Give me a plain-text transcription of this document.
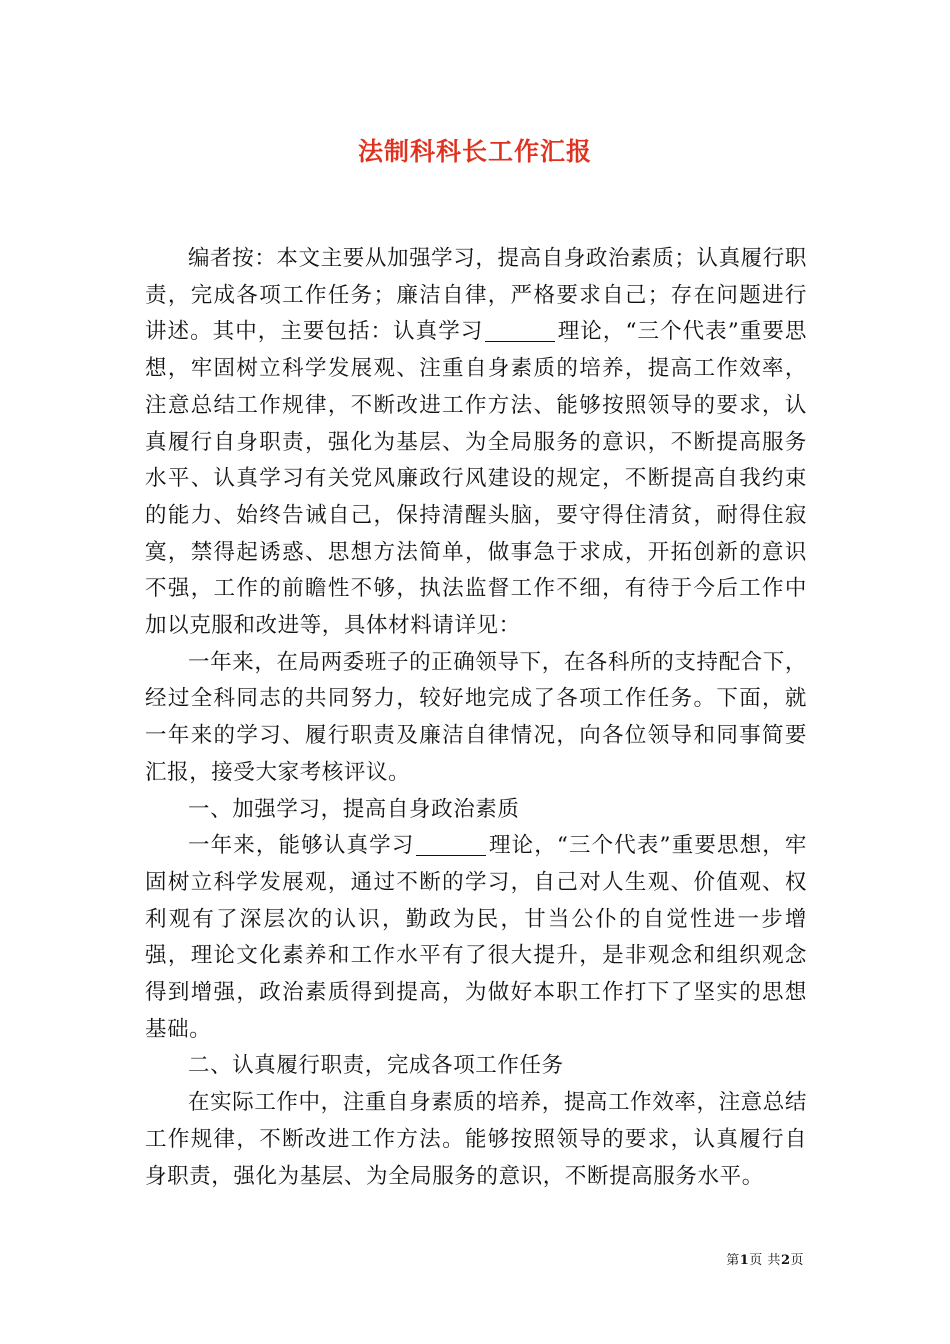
法制科科长工作汇报

编者按：本文主要从加强学习，提高自身政治素质；认真履行职责，完成各项工作任务；廉洁自律，严格要求自己；存在问题进行讲述。其中，主要包括：认真学习	理论，“三个代表”重要思想，牢固树立科学发展观、注重自身素质的培养，提高工作效率，注意总结工作规律，不断改进工作方法、能够按照领导的要求，认真履行自身职责，强化为基层、为全局服务的意识，不断提高服务水平、认真学习有关党风廉政行风建设的规定，不断提高自我约束的能力、始终告诫自己，保持清醒头脑，要守得住清贫，耐得住寂寞，禁得起诱惑、思想方法简单，做事急于求成，开拓创新的意识不强，工作的前瞻性不够，执法监督工作不细，有待于今后工作中加以克服和改进等，具体材料请详见：

一年来，在局两委班子的正确领导下，在各科所的支持配合下，经过全科同志的共同努力，较好地完成了各项工作任务。下面，就一年来的学习、履行职责及廉洁自律情况，向各位领导和同事简要汇报，接受大家考核评议。

一、加强学习，提高自身政治素质

一年来，能够认真学习	理论，“三个代表”重要思想，牢固树立科学发展观，通过不断的学习，自己对人生观、价值观、权利观有了深层次的认识，勤政为民，甘当公仆的自觉性进一步增强，理论文化素养和工作水平有了很大提升，是非观念和组织观念得到增强，政治素质得到提高，为做好本职工作打下了坚实的思想基础。

二、认真履行职责，完成各项工作任务

在实际工作中，注重自身素质的培养，提高工作效率，注意总结工作规律，不断改进工作方法。能够按照领导的要求，认真履行自身职责，强化为基层、为全局服务的意识，不断提高服务水平。

第1页 共2页
